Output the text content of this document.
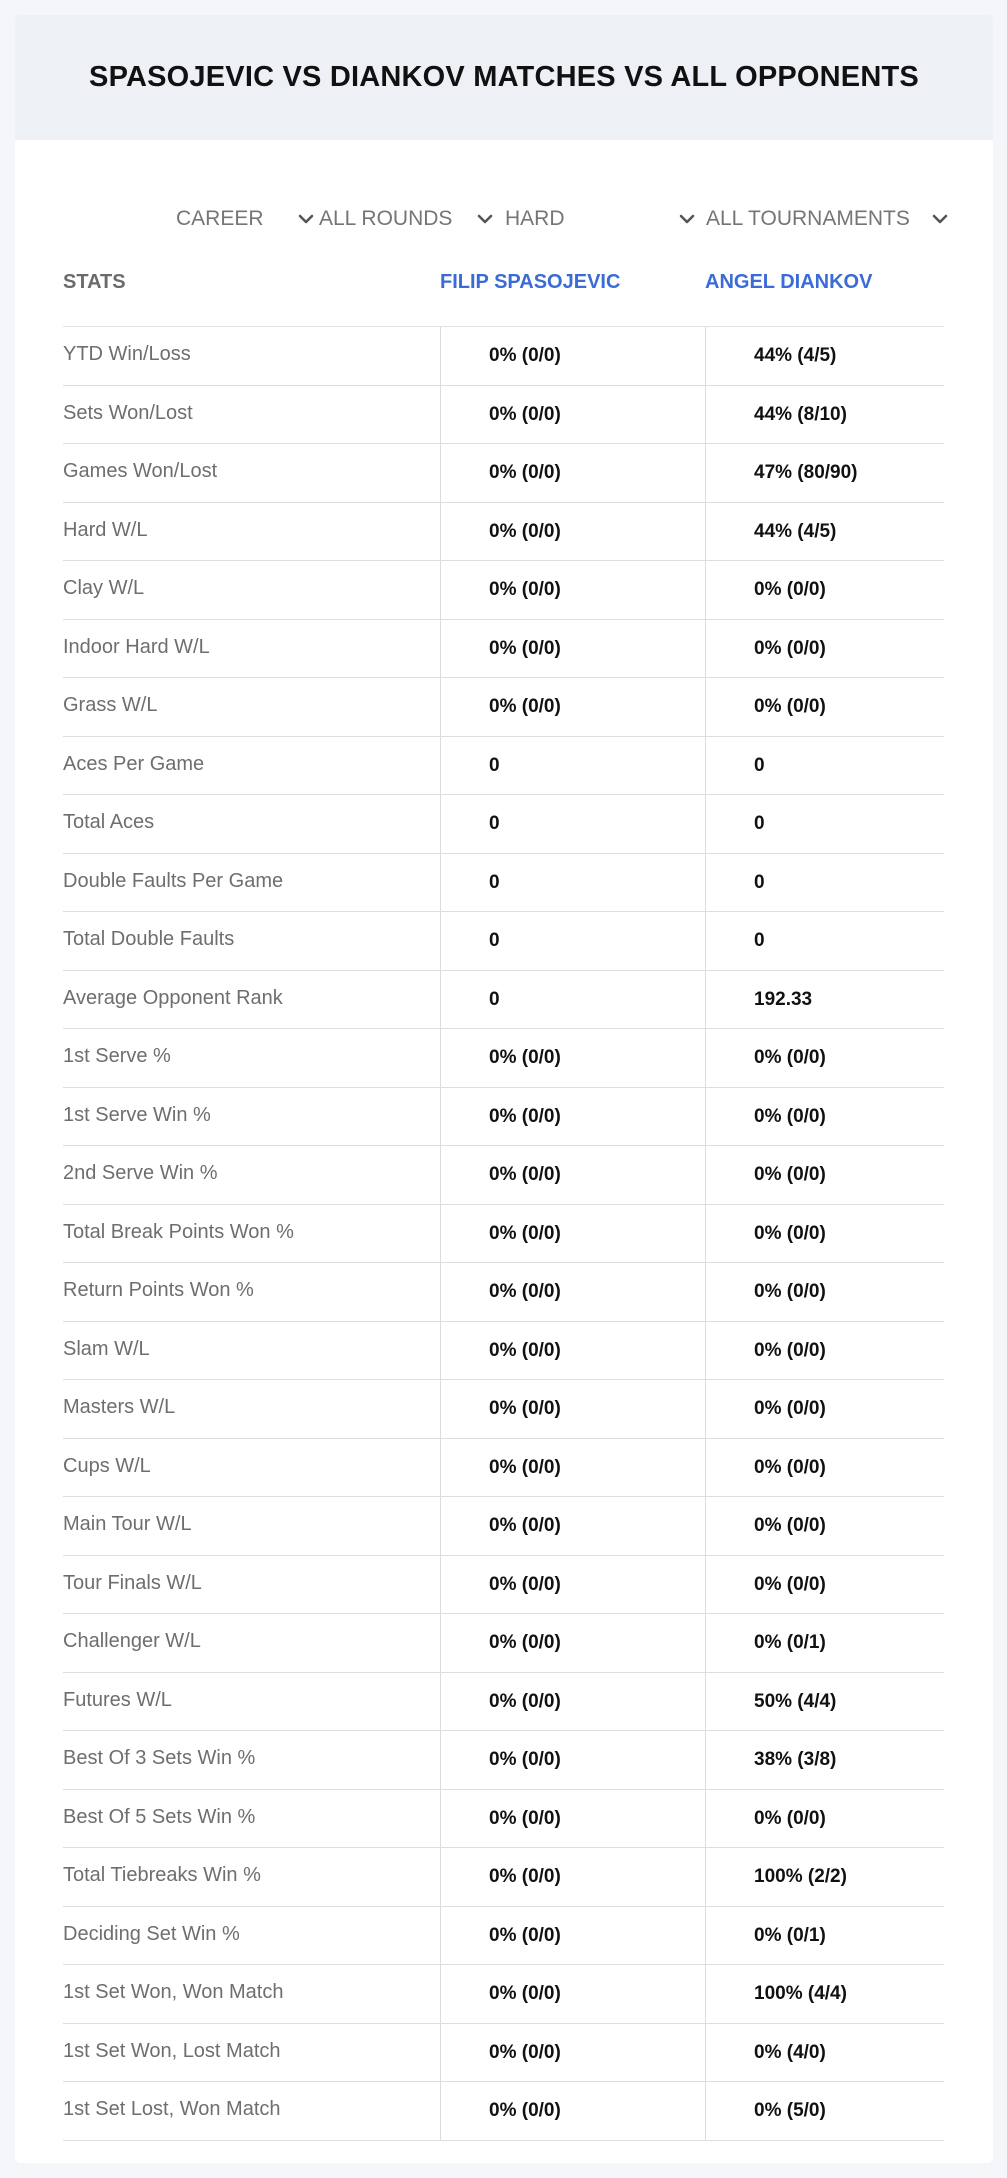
SPASOJEVIC VS DIANKOV MATCHES VS ALL OPPONENTS
CAREER	ALL ROUNDS	HARD	ALL TOURNAMENTS
STATS	FILIP SPASOJEVIC	ANGEL DIANKOV
YTD Win/Loss	0% (0/0)	44% (4/5)
Sets Won/Lost	0% (0/0)	44% (8/10)
Games Won/Lost	0% (0/0)	47% (80/90)
Hard W/L	0% (0/0)	44% (4/5)
Clay W/L	0% (0/0)	0% (0/0)
Indoor Hard W/L	0% (0/0)	0% (0/0)
Grass W/L	0% (0/0)	0% (0/0)
Aces Per Game	0	0
Total Aces	0	0
Double Faults Per Game	0	0
Total Double Faults	0	0
Average Opponent Rank	0	192.33
1st Serve %	0% (0/0)	0% (0/0)
1st Serve Win %	0% (0/0)	0% (0/0)
2nd Serve Win %	0% (0/0)	0% (0/0)
Total Break Points Won %	0% (0/0)	0% (0/0)
Return Points Won %	0% (0/0)	0% (0/0)
Slam W/L	0% (0/0)	0% (0/0)
Masters W/L	0% (0/0)	0% (0/0)
Cups W/L	0% (0/0)	0% (0/0)
Main Tour W/L	0% (0/0)	0% (0/0)
Tour Finals W/L	0% (0/0)	0% (0/0)
Challenger W/L	0% (0/0)	0% (0/1)
Futures W/L	0% (0/0)	50% (4/4)
Best Of 3 Sets Win %	0% (0/0)	38% (3/8)
Best Of 5 Sets Win %	0% (0/0)	0% (0/0)
Total Tiebreaks Win %	0% (0/0)	100% (2/2)
Deciding Set Win %	0% (0/0)	0% (0/1)
1st Set Won, Won Match	0% (0/0)	100% (4/4)
1st Set Won, Lost Match	0% (0/0)	0% (4/0)
1st Set Lost, Won Match	0% (0/0)	0% (5/0)
